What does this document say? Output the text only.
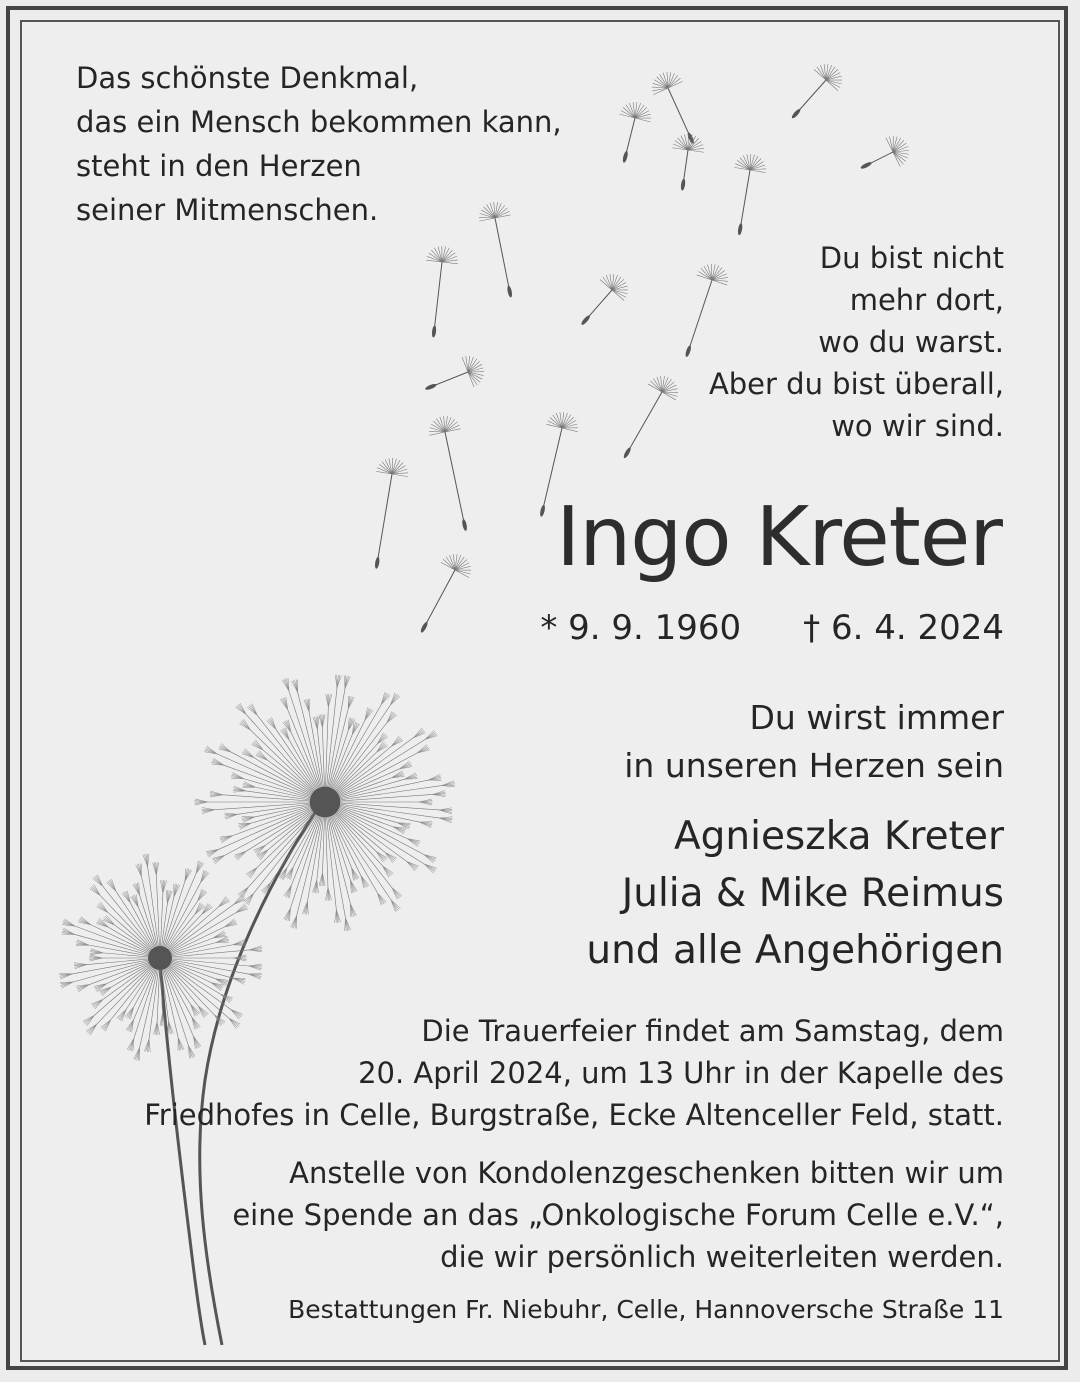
Das schönste Denkmal,
das ein Mensch bekommen kann,
steht in den Herzen
seiner Mitmenschen.
Du bist nicht
mehr dort,
wo du warst.
Aber du bist überall,
wo wir sind.
Ingo Kreter
* 9. 9. 1960 † 6. 4. 2024
Du wirst immer
in unseren Herzen sein
Agnieszka Kreter
Julia & Mike Reimus
und alle Angehörigen
Die Trauerfeier findet am Samstag, dem
20. April 2024, um 13 Uhr in der Kapelle des
Friedhofes in Celle, Burgstraße, Ecke Altenceller Feld, statt.
Anstelle von Kondolenzgeschenken bitten wir um
eine Spende an das „Onkologische Forum Celle e.V.“,
die wir persönlich weiterleiten werden.
Bestattungen Fr. Niebuhr, Celle, Hannoversche Straße 11
